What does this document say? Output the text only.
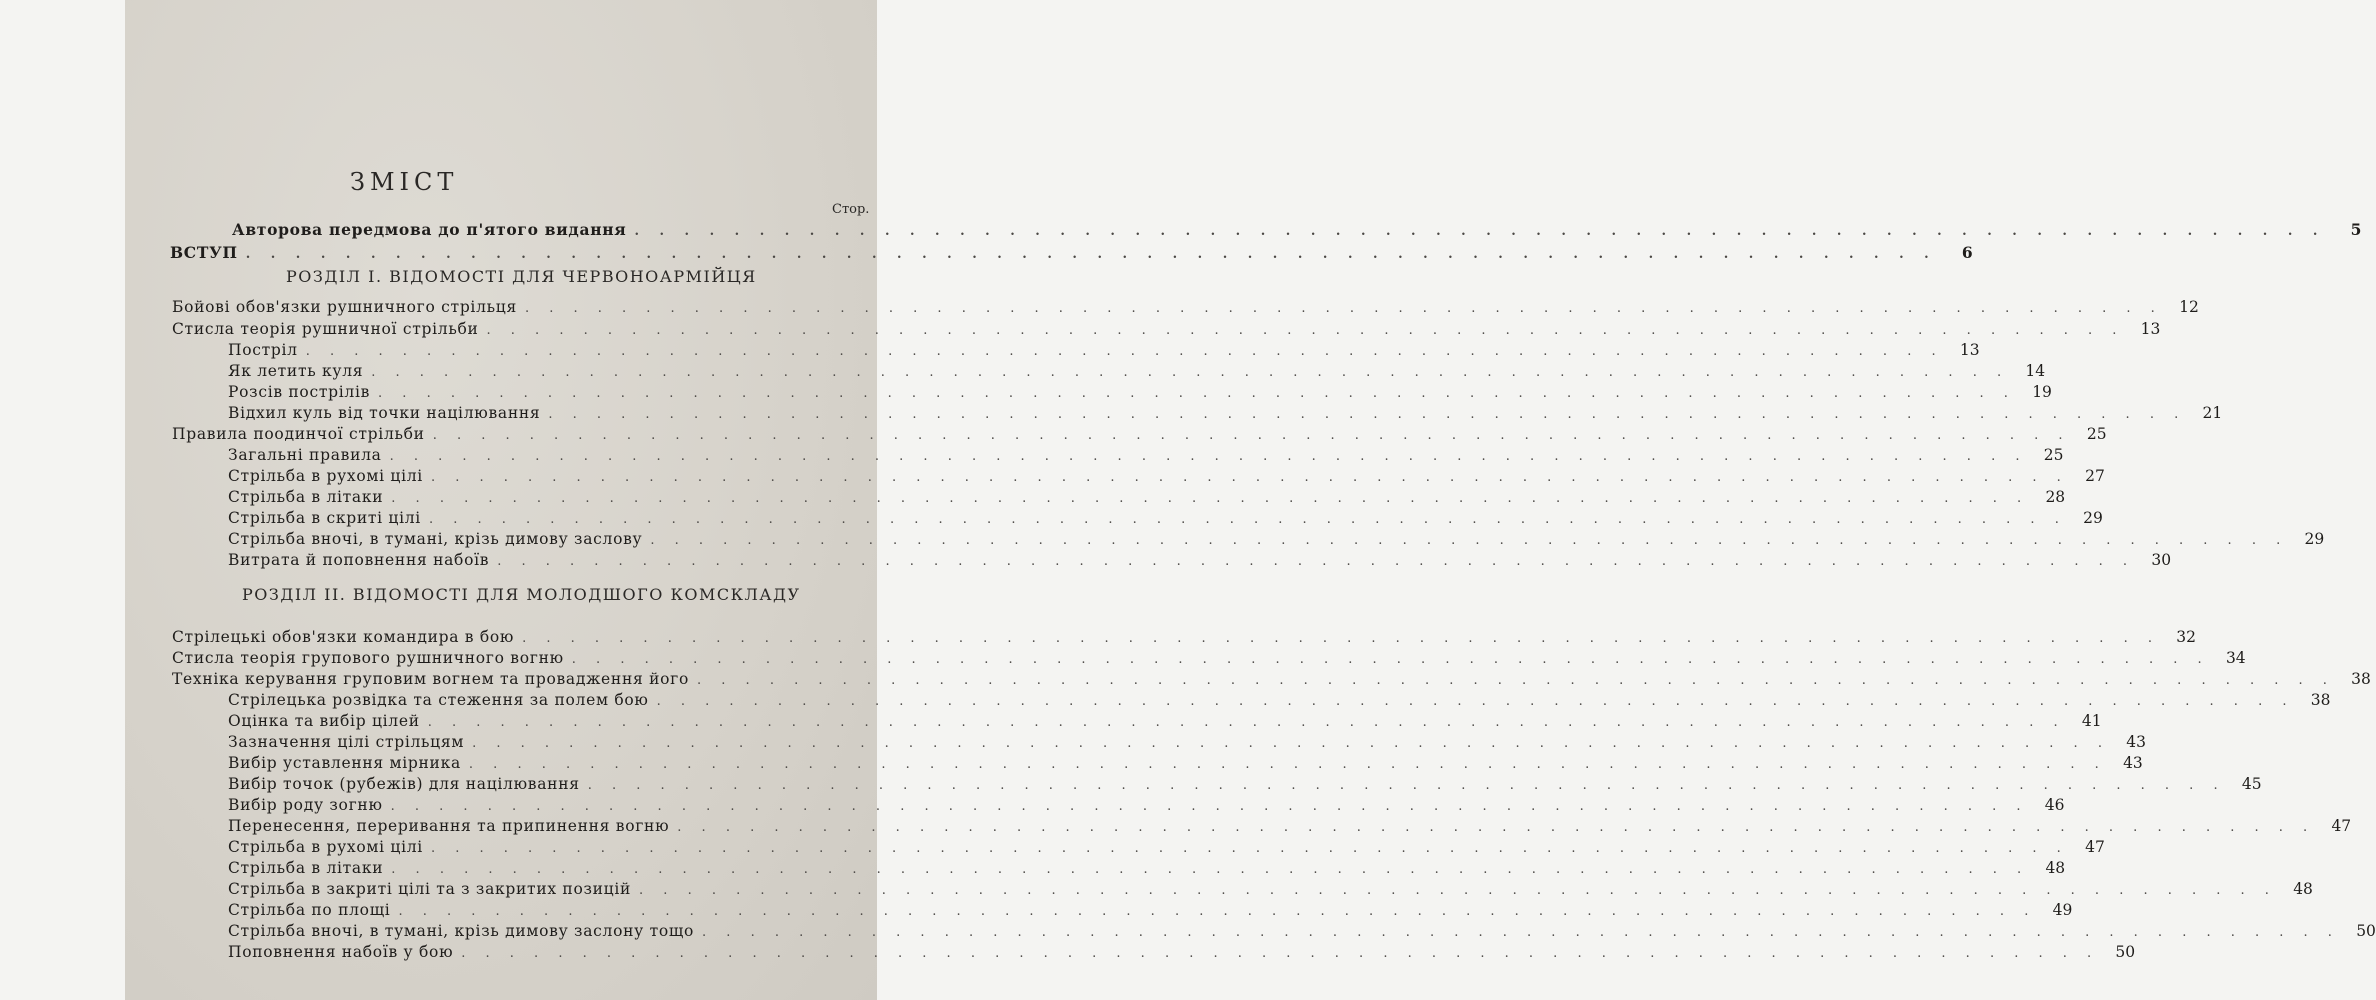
ЗМІСТ
Стор.
Авторова передмова до п'ятого видання . . . . . . . . . . . . . . . . . . . . . . . . . . . . . . . . . . . . . . . . . . . . . . . . . . . . . . . . . . . . . . . . . . . .	5
ВСТУП . . . . . . . . . . . . . . . . . . . . . . . . . . . . . . . . . . . . . . . . . . . . . . . . . . . . . . . . . . . . . . . . . . . .	6
РОЗДІЛ I. ВІДОМОСТІ ДЛЯ ЧЕРВОНОАРМІЙЦЯ
Бойові обов'язки рушничного стрільця . . . . . . . . . . . . . . . . . . . . . . . . . . . . . . . . . . . . . . . . . . . . . . . . . . . . . . . . . . . . . . . . . . . .	12
Стисла теорія рушничної стрільби . . . . . . . . . . . . . . . . . . . . . . . . . . . . . . . . . . . . . . . . . . . . . . . . . . . . . . . . . . . . . . . . . . . .	13
Постріл . . . . . . . . . . . . . . . . . . . . . . . . . . . . . . . . . . . . . . . . . . . . . . . . . . . . . . . . . . . . . . . . . . . .	13
Як летить куля . . . . . . . . . . . . . . . . . . . . . . . . . . . . . . . . . . . . . . . . . . . . . . . . . . . . . . . . . . . . . . . . . . . .	14
Розсів пострілів . . . . . . . . . . . . . . . . . . . . . . . . . . . . . . . . . . . . . . . . . . . . . . . . . . . . . . . . . . . . . . . . . . . .	19
Відхил куль від точки націлювання . . . . . . . . . . . . . . . . . . . . . . . . . . . . . . . . . . . . . . . . . . . . . . . . . . . . . . . . . . . . . . . . . . . .	21
Правила поодинчої стрільби . . . . . . . . . . . . . . . . . . . . . . . . . . . . . . . . . . . . . . . . . . . . . . . . . . . . . . . . . . . . . . . . . . . .	25
Загальні правила . . . . . . . . . . . . . . . . . . . . . . . . . . . . . . . . . . . . . . . . . . . . . . . . . . . . . . . . . . . . . . . . . . . .	25
Стрільба в рухомі цілі . . . . . . . . . . . . . . . . . . . . . . . . . . . . . . . . . . . . . . . . . . . . . . . . . . . . . . . . . . . . . . . . . . . .	27
Стрільба в літаки . . . . . . . . . . . . . . . . . . . . . . . . . . . . . . . . . . . . . . . . . . . . . . . . . . . . . . . . . . . . . . . . . . . .	28
Стрільба в скриті цілі . . . . . . . . . . . . . . . . . . . . . . . . . . . . . . . . . . . . . . . . . . . . . . . . . . . . . . . . . . . . . . . . . . . .	29
Стрільба вночі, в тумані, крізь димову заслову . . . . . . . . . . . . . . . . . . . . . . . . . . . . . . . . . . . . . . . . . . . . . . . . . . . . . . . . . . . . . . . . . . . .	29
Витрата й поповнення набоїв . . . . . . . . . . . . . . . . . . . . . . . . . . . . . . . . . . . . . . . . . . . . . . . . . . . . . . . . . . . . . . . . . . . .	30
РОЗДІЛ II. ВІДОМОСТІ ДЛЯ МОЛОДШОГО КОМСКЛАДУ
Стрілецькі обов'язки командира в бою . . . . . . . . . . . . . . . . . . . . . . . . . . . . . . . . . . . . . . . . . . . . . . . . . . . . . . . . . . . . . . . . . . . .	32
Стисла теорія групового рушничного вогню . . . . . . . . . . . . . . . . . . . . . . . . . . . . . . . . . . . . . . . . . . . . . . . . . . . . . . . . . . . . . . . . . . . .	34
Техніка керування груповим вогнем та провадження його . . . . . . . . . . . . . . . . . . . . . . . . . . . . . . . . . . . . . . . . . . . . . . . . . . . . . . . . . . . . . . . . . . . .	38
Стрілецька розвідка та стеження за полем бою . . . . . . . . . . . . . . . . . . . . . . . . . . . . . . . . . . . . . . . . . . . . . . . . . . . . . . . . . . . . . . . . . . . .	38
Оцінка та вибір цілей . . . . . . . . . . . . . . . . . . . . . . . . . . . . . . . . . . . . . . . . . . . . . . . . . . . . . . . . . . . . . . . . . . . .	41
Зазначення цілі стрільцям . . . . . . . . . . . . . . . . . . . . . . . . . . . . . . . . . . . . . . . . . . . . . . . . . . . . . . . . . . . . . . . . . . . .	43
Вибір уставлення мірника . . . . . . . . . . . . . . . . . . . . . . . . . . . . . . . . . . . . . . . . . . . . . . . . . . . . . . . . . . . . . . . . . . . .	43
Вибір точок (рубежів) для націлювання . . . . . . . . . . . . . . . . . . . . . . . . . . . . . . . . . . . . . . . . . . . . . . . . . . . . . . . . . . . . . . . . . . . .	45
Вибір роду зогню . . . . . . . . . . . . . . . . . . . . . . . . . . . . . . . . . . . . . . . . . . . . . . . . . . . . . . . . . . . . . . . . . . . .	46
Перенесення, переривання та припинення вогню . . . . . . . . . . . . . . . . . . . . . . . . . . . . . . . . . . . . . . . . . . . . . . . . . . . . . . . . . . . . . . . . . . . .	47
Стрільба в рухомі цілі . . . . . . . . . . . . . . . . . . . . . . . . . . . . . . . . . . . . . . . . . . . . . . . . . . . . . . . . . . . . . . . . . . . .	47
Стрільба в літаки . . . . . . . . . . . . . . . . . . . . . . . . . . . . . . . . . . . . . . . . . . . . . . . . . . . . . . . . . . . . . . . . . . . .	48
Стрільба в закриті цілі та з закритих позицій . . . . . . . . . . . . . . . . . . . . . . . . . . . . . . . . . . . . . . . . . . . . . . . . . . . . . . . . . . . . . . . . . . . .	48
Стрільба по площі . . . . . . . . . . . . . . . . . . . . . . . . . . . . . . . . . . . . . . . . . . . . . . . . . . . . . . . . . . . . . . . . . . . .	49
Стрільба вночі, в тумані, крізь димову заслону тощо . . . . . . . . . . . . . . . . . . . . . . . . . . . . . . . . . . . . . . . . . . . . . . . . . . . . . . . . . . . . . . . . . . . .	50
Поповнення набоїв у бою . . . . . . . . . . . . . . . . . . . . . . . . . . . . . . . . . . . . . . . . . . . . . . . . . . . . . . . . . . . . . . . . . . . .	50
